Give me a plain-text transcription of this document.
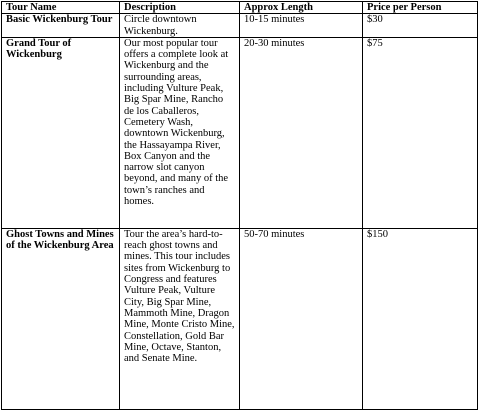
Tour Name	Description	Approx Length	Price per Person
Basic Wickenburg Tour	Circle downtown Wickenburg.	10-15 minutes	$30
Grand Tour of Wickenburg	Our most popular tour offers a complete look at Wickenburg and the surrounding areas, including Vulture Peak, Big Spar Mine, Rancho de los Caballeros, Cemetery Wash, downtown Wickenburg, the Hassayampa River, Box Canyon and the narrow slot canyon beyond, and many of the town’s ranches and homes.	20-30 minutes	$75
Ghost Towns and Mines of the Wickenburg Area	Tour the area’s hard-to-reach ghost towns and mines. This tour includes sites from Wickenburg to Congress and features Vulture Peak, Vulture City, Big Spar Mine, Mammoth Mine, Dragon Mine, Monte Cristo Mine, Constellation, Gold Bar Mine, Octave, Stanton, and Senate Mine.	50-70 minutes	$150
